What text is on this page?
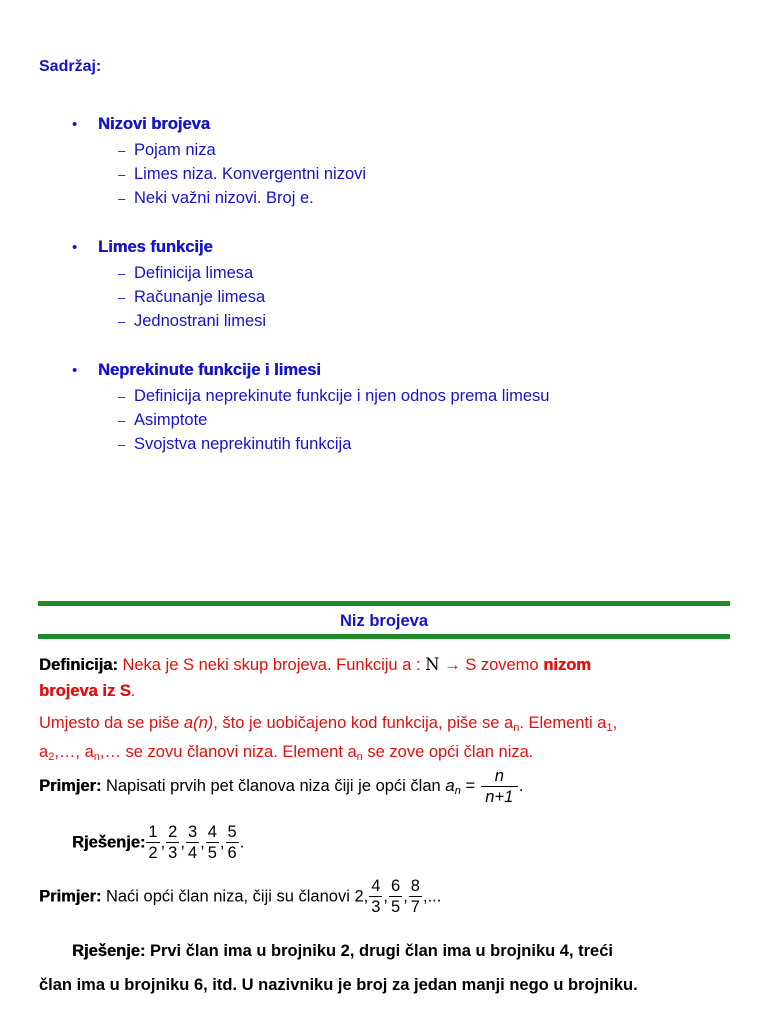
Sadržaj:
• Nizovi brojeva
– Pojam niza
– Limes niza. Konvergentni nizovi
– Neki važni nizovi. Broj e.
• Limes funkcije
– Definicija limesa
– Računanje limesa
– Jednostrani limesi
• Neprekinute funkcije i limesi
– Definicija neprekinute funkcije i njen odnos prema limesu
– Asimptote
– Svojstva neprekinutih funkcija
Niz brojeva
Definicija: Neka je S neki skup brojeva. Funkciju a : N → S zovemo nizom
brojeva iz S.
Umjesto da se piše a(n), što je uobičajeno kod funkcija, piše se $a_n$. Elementi $a_1$,
$a_2,\dots$, $a_n,\dots$ se zovu članovi niza. Element $a_n$ se zove opći član niza.
Primjer: Napisati prvih pet članova niza čiji je opći član $a_n = \frac{n}{n+1}$ .
Rješenje: $\frac{1}{2}$ , $\frac{2}{3}$ , $\frac{3}{4}$ , $\frac{4}{5}$ , $\frac{5}{6}$ .
Primjer: Naći opći član niza, čiji su članovi 2, $\frac{4}{3}$ , $\frac{6}{5}$ , $\frac{8}{7}$ ,...
Rješenje: Prvi član ima u brojniku 2, drugi član ima u brojniku 4, treći
član ima u brojniku 6, itd. U nazivniku je broj za jedan manji nego u brojniku.
